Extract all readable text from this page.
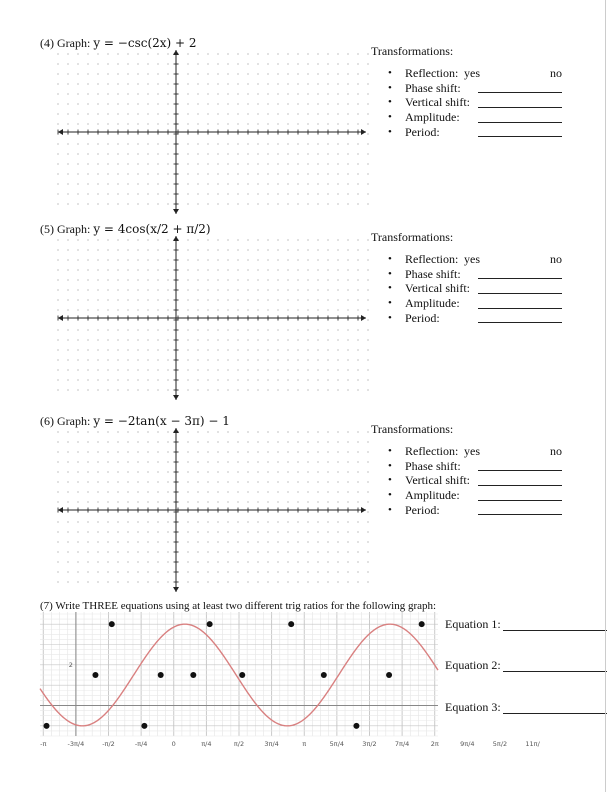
(4) Graph: y = −csc(2x) + 2
Transformations:
• Reflection: yes	no
• Phase shift:
• Vertical shift:
• Amplitude:
• Period:
(5) Graph: y = 4cos(x/2 + π/2)
Transformations:
• Reflection: yes	no
• Phase shift:
• Vertical shift:
• Amplitude:
• Period:
(6) Graph: y = −2tan(x − 3π) − 1
Transformations:
• Reflection: yes	no
• Phase shift:
• Vertical shift:
• Amplitude:
• Period:
(7) Write THREE equations using at least two different trig ratios for the following graph:
-π	-3π/4	-π/2	-π/4	0	π/4	π/2	3π/4	π	5π/4	3π/2	7π/4	2π	9π/4	5π/2	11π/
2
Equation 1:
Equation 2:
Equation 3:
